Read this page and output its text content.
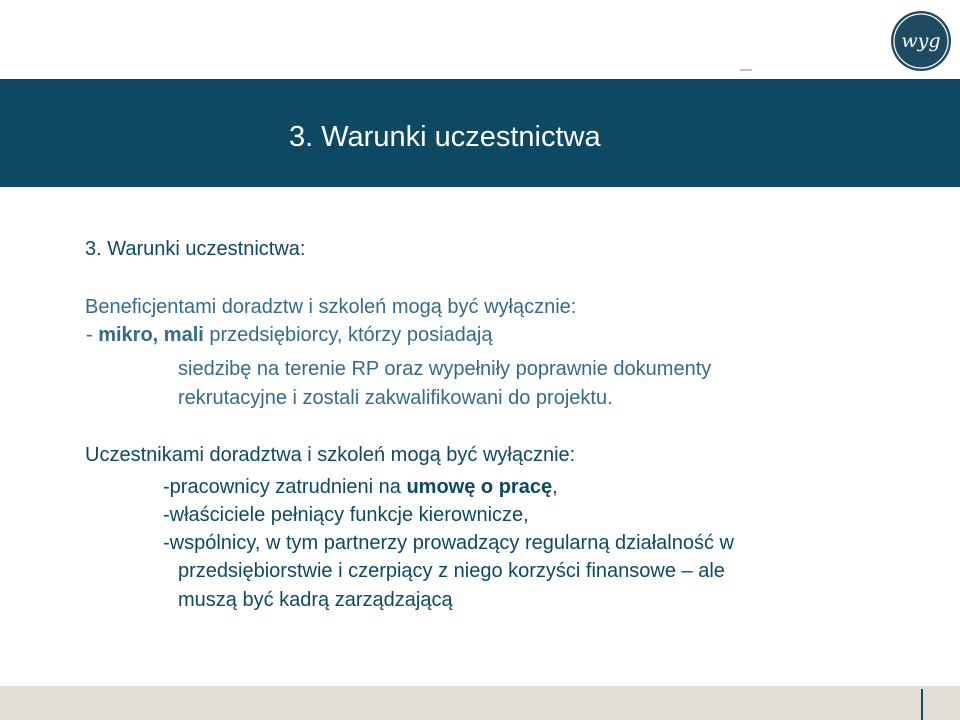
wyg
3. Warunki uczestnictwa
3. Warunki uczestnictwa:
Beneficjentami doradztw i szkoleń mogą być wyłącznie:
- mikro, mali przedsiębiorcy, którzy posiadają
siedzibę na terenie RP oraz wypełniły poprawnie dokumenty
rekrutacyjne i zostali zakwalifikowani do projektu.
Uczestnikami doradztwa i szkoleń mogą być wyłącznie:
-pracownicy zatrudnieni na umowę o pracę,
-właściciele pełniący funkcje kierownicze,
-wspólnicy, w tym partnerzy prowadzący regularną działalność w
przedsiębiorstwie i czerpiący z niego korzyści finansowe – ale
muszą być kadrą zarządzającą
